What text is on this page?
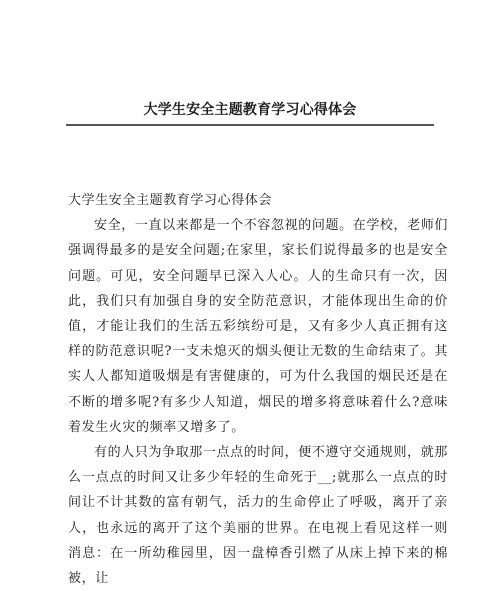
大学生安全主题教育学习心得体会

大学生安全主题教育学习心得体会

安全，一直以来都是一个不容忽视的问题。在学校，老师们强调得最多的是安全问题;在家里，家长们说得最多的也是安全问题。可见，安全问题早已深入人心。人的生命只有一次，因此，我们只有加强自身的安全防范意识，才能体现出生命的价值，才能让我们的生活五彩缤纷可是，又有多少人真正拥有这样的防范意识呢?一支未熄灭的烟头便让无数的生命结束了。其实人人都知道吸烟是有害健康的，可为什么我国的烟民还是在不断的增多呢?有多少人知道，烟民的增多将意味着什么?意味着发生火灾的频率又增多了。

有的人只为争取那一点点的时间，便不遵守交通规则，就那么一点点的时间又让多少年轻的生命死于__;就那么一点点的时间让不计其数的富有朝气，活力的生命停止了呼吸，离开了亲人，也永远的离开了这个美丽的世界。在电视上看见这样一则消息：在一所幼稚园里，因一盘樟香引燃了从床上掉下来的棉被，让
